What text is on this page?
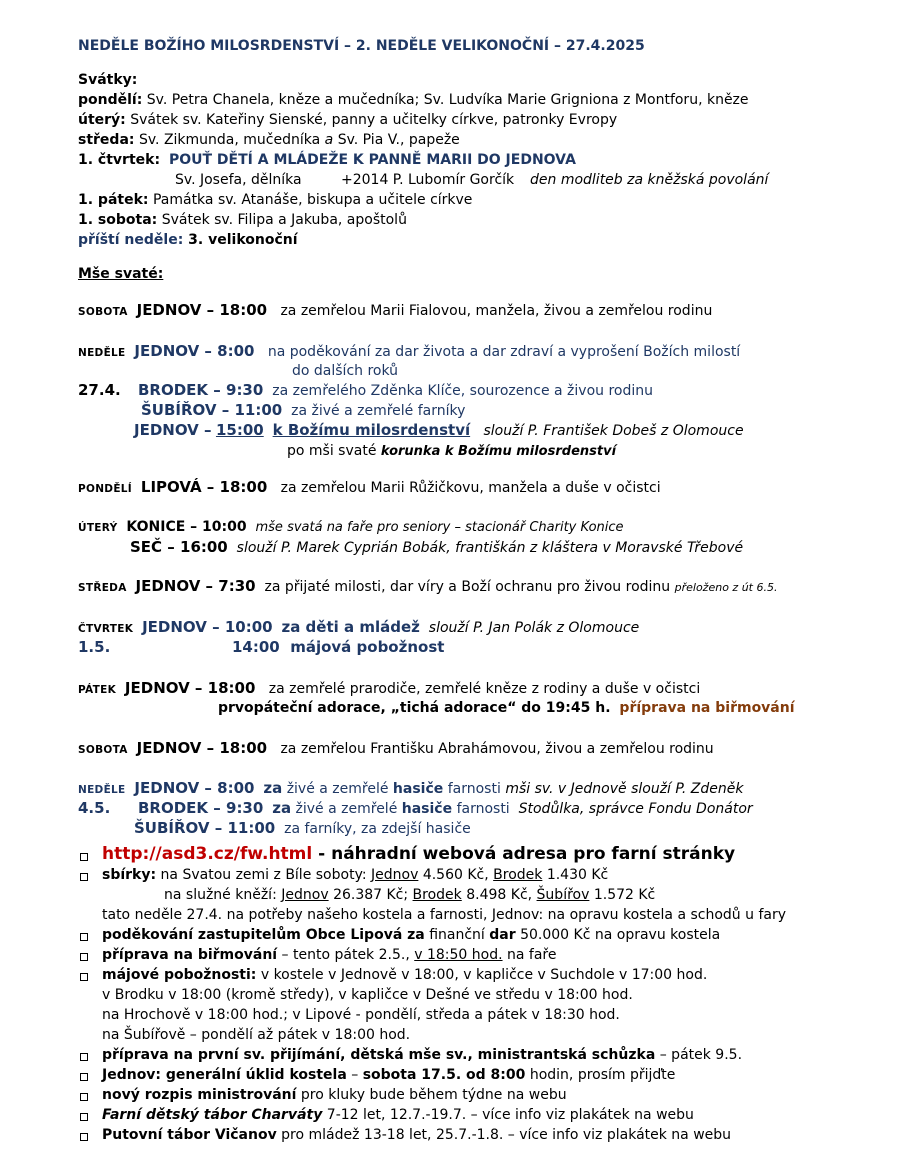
NEDĚLE BOŽÍHO MILOSRDENSTVÍ – 2. NEDĚLE VELIKONOČNÍ – 27.4.2025
Svátky:
pondělí: Sv. Petra Chanela, kněze a mučedníka; Sv. Ludvíka Marie Grigniona z Montforu, kněze
úterý: Svátek sv. Kateřiny Sienské, panny a učitelky církve, patronky Evropy
středa: Sv. Zikmunda, mučedníka a Sv. Pia V., papeže
1. čtvrtek: POUŤ DĚTÍ A MLÁDEŽE K PANNĚ MARII DO JEDNOVA
Sv. Josefa, dělníka	+2014 P. Lubomír Gorčík den modliteb za kněžská povolání
1. pátek: Památka sv. Atanáše, biskupa a učitele církve
1. sobota: Svátek sv. Filipa a Jakuba, apoštolů
příští neděle: 3. velikonoční
Mše svaté:
SOBOTA JEDNOV – 18:00 za zemřelou Marii Fialovou, manžela, živou a zemřelou rodinu
NEDĚLE JEDNOV – 8:00 na poděkování za dar života a dar zdraví a vyprošení Božích milostí
do dalších roků
27.4. BRODEK – 9:30 za zemřelého Zděnka Klíče, sourozence a živou rodinu
ŠUBÍŘOV – 11:00 za živé a zemřelé farníky
JEDNOV – 15:00 k Božímu milosrdenství slouží P. František Dobeš z Olomouce
po mši svaté korunka k Božímu milosrdenství
PONDĚLÍ LIPOVÁ – 18:00 za zemřelou Marii Růžičkovu, manžela a duše v očistci
ÚTERÝ KONICE – 10:00 mše svatá na faře pro seniory – stacionář Charity Konice
SEČ – 16:00 slouží P. Marek Cyprián Bobák, františkán z kláštera v Moravské Třebové
STŘEDA JEDNOV – 7:30 za přijaté milosti, dar víry a Boží ochranu pro živou rodinu přeloženo z út 6.5.
ČTVRTEK JEDNOV – 10:00 za děti a mládež slouží P. Jan Polák z Olomouce
1.5.	14:00 májová pobožnost
PÁTEK JEDNOV – 18:00 za zemřelé prarodiče, zemřelé kněze z rodiny a duše v očistci
prvopáteční adorace, „tichá adorace“ do 19:45 h. příprava na biřmování
SOBOTA JEDNOV – 18:00 za zemřelou Františku Abrahámovou, živou a zemřelou rodinu
NEDĚLE JEDNOV – 8:00 za živé a zemřelé hasiče farnosti mši sv. v Jednově slouží P. Zdeněk
4.5. BRODEK – 9:30 za živé a zemřelé hasiče farnosti Stodůlka, správce Fondu Donátor
ŠUBÍŘOV – 11:00 za farníky, za zdejší hasiče
http://asd3.cz/fw.html - náhradní webová adresa pro farní stránky
sbírky: na Svatou zemi z Bíle soboty: Jednov 4.560 Kč, Brodek 1.430 Kč
na služné kněží: Jednov 26.387 Kč; Brodek 8.498 Kč, Šubířov 1.572 Kč
tato neděle 27.4. na potřeby našeho kostela a farnosti, Jednov: na opravu kostela a schodů u fary
poděkování zastupitelům Obce Lipová za finanční dar 50.000 Kč na opravu kostela
příprava na biřmování – tento pátek 2.5., v 18:50 hod. na faře
májové pobožnosti: v kostele v Jednově v 18:00, v kapličce v Suchdole v 17:00 hod.
v Brodku v 18:00 (kromě středy), v kapličce v Dešné ve středu v 18:00 hod.
na Hrochově v 18:00 hod.; v Lipové - pondělí, středa a pátek v 18:30 hod.
na Šubířově – pondělí až pátek v 18:00 hod.
příprava na první sv. přijímání, dětská mše sv., ministrantská schůzka – pátek 9.5.
Jednov: generální úklid kostela – sobota 17.5. od 8:00 hodin, prosím přijďte
nový rozpis ministrování pro kluky bude během týdne na webu
Farní dětský tábor Charváty 7-12 let, 12.7.-19.7. – více info viz plakátek na webu
Putovní tábor Vičanov pro mládež 13-18 let, 25.7.-1.8. – více info viz plakátek na webu
